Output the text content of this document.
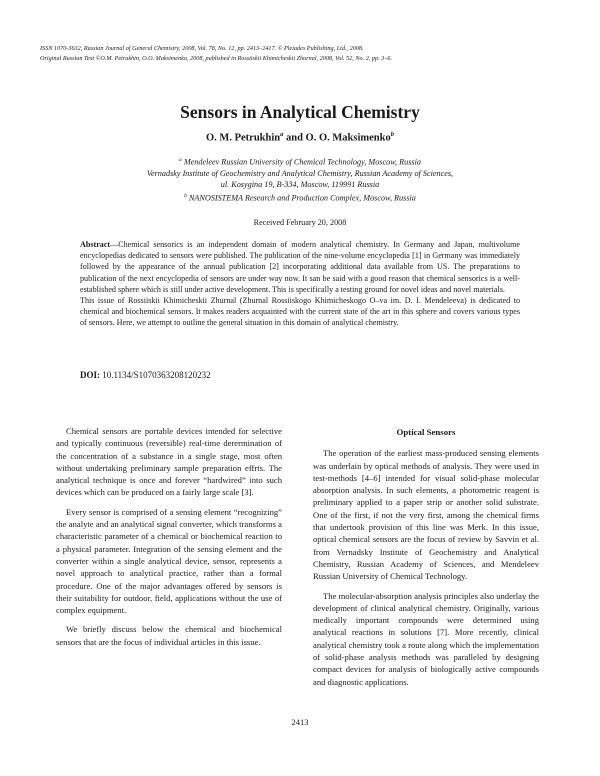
ISSN 1070-3632, Russian Journal of General Chemistry, 2008, Vol. 78, No. 12, pp. 2413–2417. © Pleiades Publishing, Ltd., 2008.
Original Russian Text ©O.M. Petrukhin, O.O. Maksimenko, 2008, published in Rossiiskii Khimicheskii Zhurnal, 2008, Vol. 52, No. 2, pp. 3–6.
Sensors in Analytical Chemistry
O. M. Petrukhin$^a$ and O. O. Maksimenko$^b$
$^a$ Mendeleev Russian University of Chemical Technology, Moscow, Russia
Vernadsky Institute of Geochemistry and Analytical Chemistry, Russian Academy of Sciences,
ul. Kosygina 19, B-334, Moscow, 119991 Russia
$^b$ NANOSISTEMA Research and Production Complex, Moscow, Russia
Received February 20, 2008

Abstract—Chemical sensorics is an independent domain of modern analytical chemistry. In Germany and Japan, multivolume encyclopedias dedicated to sensors were published. The publication of the nine-volume encyclopedia [1] in Germany was immediately followed by the appearance of the annual publication [2] incorporating additional data available from US. The preparations to publication of the next encyclopedia of sensors are under way now. It san be said with a good reason that chemical sensorics is a well-established sphere which is still under active development. This is specifically a testing ground for novel ideas and novel materials.

This issue of Rossiiskii Khimicheskii Zhurnal (Zhurnal Rossiiskogo Khimicheskogo O–va im. D. I. Mendeleeva) is dedicated to chemical and biochemical sensors. It makes readers acquainted with the current state of the art in this sphere and covers various types of sensors. Here, we attempt to outline the general situation in this domain of analytical chemistry.

DOI: 10.1134/S1070363208120232

Chemical sensors are portable devices intended for selective and typically continuous (reversible) real-time derermination of the concentration of a substance in a single stage, most often without undertaking preliminary sample preparation effrts. The analytical technique is once and forever “hardwired” into such devices which can be produced on a fairly large scale [3].

Every sensor is comprised of a sensing element “recognizing” the analyte and an analytical signal converter, which transforms a characteristic parameter of a chemical or biochemical reaction to a physical parameter. Integration of the sensing element and the converter within a single analytical device, sensor, represents a novel approach to analytical practice, rather than a formal procedure. One of the major advantages offered by sensors is their suitability for outdoor, field, applications without the use of complex equipment.

We briefly discuss below the chemical and biochemical sensors that are the focus of individual articles in this issue.

Optical Sensors

The operation of the earliest mass-produced sensing elements was underlain by optical methods of analysis. They were used in test-methods [4–6] intended for visual solid-phase molecular absorption analysis. In such elements, a photometric reagent is preliminary applied to a paper strip or another solid substrate. One of the first, if not the very first, among the chemical firms that undertook provision of this line was Merk. In this issue, optical chemical sensors are the focus of review by Savvin et al. from Vernadsky Institute of Geochemistry and Analytical Chemistry, Russian Academy of Sciences, and Mendeleev Russian University of Chemical Technology.

The molecular-absorption analysis principles also underlay the development of clinical analytical chemistry. Originally, various medically important compounds were determined using analytical reactions in solutions [7]. More recently, clinical analytical chemistry took a route along which the implementation of solid-phase analysis methods was paralleled by designing compact devices for analysis of biologically active compounds and diagnostic applications.

2413
